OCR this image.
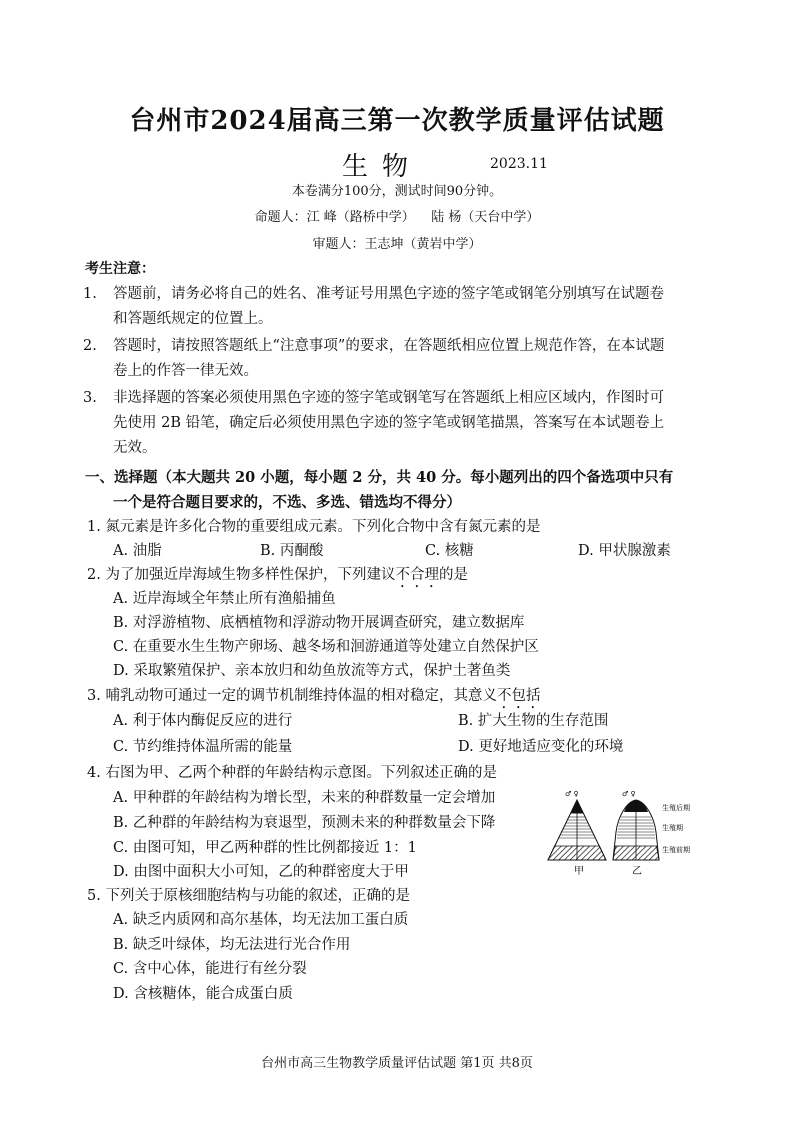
台州市2024届高三第一次教学质量评估试题
生物	2023.11
本卷满分100分，测试时间90分钟。
命题人：江 峰（路桥中学）    陆 杨（天台中学）
审题人：王志坤（黄岩中学）
考生注意：
1. 答题前，请务必将自己的姓名、准考证号用黑色字迹的签字笔或钢笔分别填写在试题卷
和答题纸规定的位置上。
2. 答题时，请按照答题纸上“注意事项”的要求，在答题纸相应位置上规范作答，在本试题
卷上的作答一律无效。
3. 非选择题的答案必须使用黑色字迹的签字笔或钢笔写在答题纸上相应区域内，作图时可
先使用 2B 铅笔，确定后必须使用黑色字迹的签字笔或钢笔描黑，答案写在本试题卷上
无效。
一、选择题（本大题共 20 小题，每小题 2 分，共 40 分。每小题列出的四个备选项中只有
一个是符合题目要求的，不选、多选、错选均不得分）
1. 氮元素是许多化合物的重要组成元素。下列化合物中含有氮元素的是
A. 油脂	B. 丙酮酸	C. 核糖	D. 甲状腺激素
2. 为了加强近岸海域生物多样性保护，下列建议不合理的是
A. 近岸海域全年禁止所有渔船捕鱼
B. 对浮游植物、底栖植物和浮游动物开展调查研究，建立数据库
C. 在重要水生生物产卵场、越冬场和洄游通道等处建立自然保护区
D. 采取繁殖保护、亲本放归和幼鱼放流等方式，保护土著鱼类
3. 哺乳动物可通过一定的调节机制维持体温的相对稳定，其意义不包括
A. 利于体内酶促反应的进行	B. 扩大生物的生存范围
C. 节约维持体温所需的能量	D. 更好地适应变化的环境
4. 右图为甲、乙两个种群的年龄结构示意图。下列叙述正确的是
A. 甲种群的年龄结构为增长型，未来的种群数量一定会增加
B. 乙种群的年龄结构为衰退型，预测未来的种群数量会下降
C. 由图可知，甲乙两种群的性比例都接近 1：1
D. 由图中面积大小可知，乙的种群密度大于甲
♂ ♀	♂ ♀
生殖后期
生殖期
生殖前期
甲	乙
5. 下列关于原核细胞结构与功能的叙述，正确的是
A. 缺乏内质网和高尔基体，均无法加工蛋白质
B. 缺乏叶绿体，均无法进行光合作用
C. 含中心体，能进行有丝分裂
D. 含核糖体，能合成蛋白质
台州市高三生物教学质量评估试题 第1页 共8页
